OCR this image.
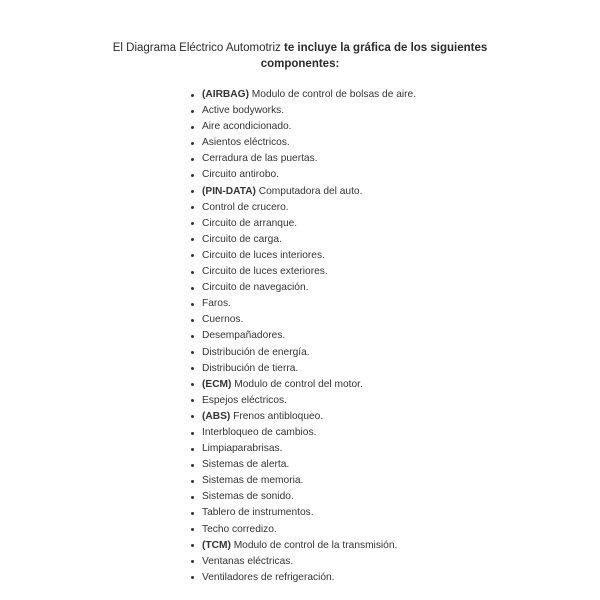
El Diagrama Eléctrico Automotriz te incluye la gráfica de los siguientes componentes:
(AIRBAG) Modulo de control de bolsas de aire.
Active bodyworks.
Aire acondicionado.
Asientos eléctricos.
Cerradura de las puertas.
Circuito antirobo.
(PIN-DATA) Computadora del auto.
Control de crucero.
Circuito de arranque.
Circuito de carga.
Circuito de luces interiores.
Circuito de luces exteriores.
Circuito de navegación.
Faros.
Cuernos.
Desempañadores.
Distribución de energía.
Distribución de tierra.
(ECM) Modulo de control del motor.
Espejos eléctricos.
(ABS) Frenos antibloqueo.
Interbloqueo de cambios.
Limpiaparabrisas.
Sistemas de alerta.
Sistemas de memoria.
Sistemas de sonido.
Tablero de instrumentos.
Techo corredizo.
(TCM) Modulo de control de la transmisión.
Ventanas eléctricas.
Ventiladores de refrigeración.
